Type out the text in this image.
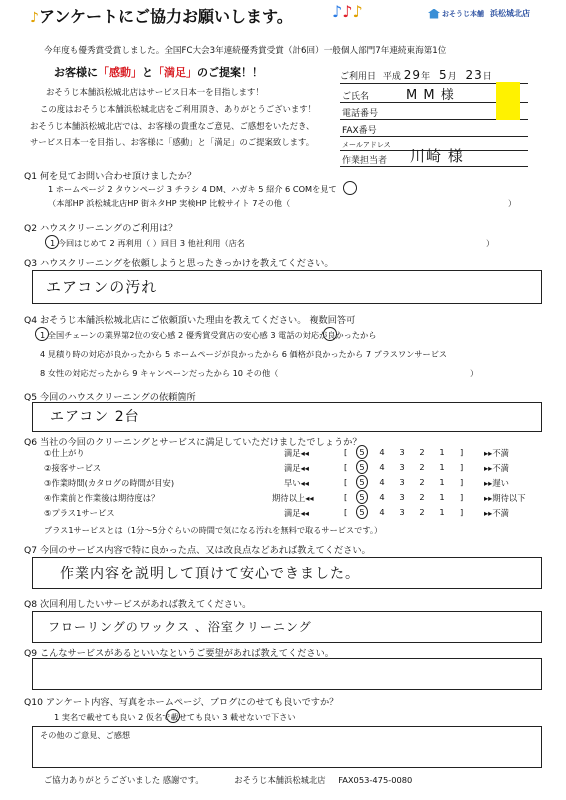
♪アンケートにご協力お願いします。 ♪♪♪	おそうじ本舗 浜松城北店
今年度も優秀賞受賞しました。全国FC大会3年連続優秀賞受賞（計6回）一般個人部門7年連続東海第1位
お客様に「感動」と「満足」のご提案！！
おそうじ本舗浜松城北店はサービス日本一を目指します！
この度はおそうじ本舗浜松城北店をご利用頂き、ありがとうございます！
おそうじ本舗浜松城北店では、お客様の貴重なご意見、ご感想をいただき、
サービス日本一を目指し、お客様に「感動」と「満足」のご提案致します。
ご利用日 平成 29年 5月 23日
ご氏名	M M 様
電話番号
FAX番号
メールアドレス
作業担当者 川崎 様
Q1 何を見てお問い合わせ頂けましたか？
1 ホームページ 2 タウンページ 3 チラシ 4 DM、ハガキ 5 紹介 6 COMを見て
（本部HP 浜松城北店HP 街ネタHP 実検HP 比較サイト 7その他（	）
Q2 ハウスクリーニングのご利用は？
1 今回はじめて 2 再利用（ ）回目 3 他社利用（店名	）
Q3 ハウスクリーニングを依頼しようと思ったきっかけを教えてください。
エアコンの汚れ
Q4 おそうじ本舗浜松城北店にご依頼頂いた理由を教えてください。 複数回答可
1 全国チェーンの業界第2位の安心感 2 優秀賞受賞店の安心感 3 電話の対応が良かったから
4 見積り時の対応が良かったから 5 ホームページが良かったから 6 価格が良かったから 7 プラスワンサービス
8 女性の対応だったから 9 キャンペーンだったから 10 その他（	）
Q5 今回のハウスクリーニングの依頼箇所
エアコン 2台
Q6 当社の今回のクリーニングとサービスに満足していただけましたでしょうか？
①仕上がり	満足◂◂	[	5	4	3	2	1	]	▸▸不満
②接客サービス	満足◂◂	[	5	4	3	2	1	]	▸▸不満
③作業時間(カタログの時間が目安)	早い◂◂	[	5	4	3	2	1	]	▸▸遅い
④作業前と作業後は期待度は？	期待以上◂◂	[	5	4	3	2	1	]	▸▸期待以下
⑤プラス1サービス	満足◂◂	[	5	4	3	2	1	]	▸▸不満
プラス1サービスとは（1分〜5分ぐらいの時間で気になる汚れを無料で取るサービスです。）
Q7 今回のサービス内容で特に良かった点、又は改良点などあれば教えてください。
作業内容を説明して頂けて安心できました。
Q8 次回利用したいサービスがあれば教えてください。
フローリングのワックス 、浴室クリーニング
Q9 こんなサービスがあるといいなというご要望があれば教えてください。
Q10 アンケート内容、写真をホームページ、ブログにのせても良いですか？
1 実名で載せても良い 2 仮名で載せても良い 3 載せないで下さい
その他のご意見、ご感想
ご協力ありがとうございました 感謝です。	おそうじ本舗浜松城北店 FAX053-475-0080
